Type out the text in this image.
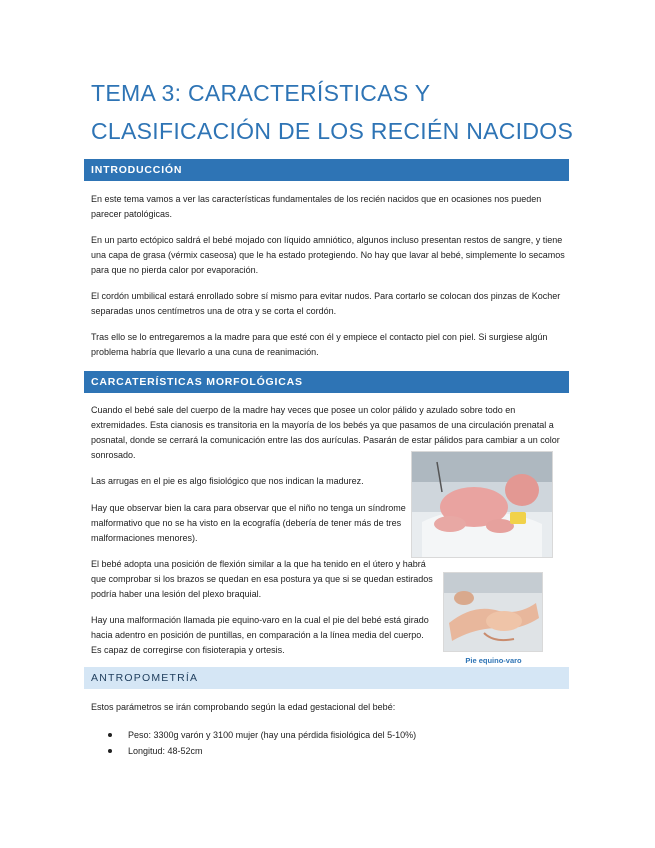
TEMA 3: CARACTERÍSTICAS Y
CLASIFICACIÓN DE LOS RECIÉN NACIDOS
INTRODUCCIÓN

En este tema vamos a ver las características fundamentales de los recién nacidos que en ocasiones nos pueden parecer patológicas.

En un parto ectópico saldrá el bebé mojado con líquido amniótico, algunos incluso presentan restos de sangre, y tiene una capa de grasa (vérmix caseosa) que le ha estado protegiendo. No hay que lavar al bebé, simplemente lo secamos para que no pierda calor por evaporación.

El cordón umbilical estará enrollado sobre sí mismo para evitar nudos. Para cortarlo se colocan dos pinzas de Kocher separadas unos centímetros una de otra y se corta el cordón.

Tras ello se lo entregaremos a la madre para que esté con él y empiece el contacto piel con piel. Si surgiese algún problema habría que llevarlo a una cuna de reanimación.

CARCATERÍSTICAS MORFOLÓGICAS

Cuando el bebé sale del cuerpo de la madre hay veces que posee un color pálido y azulado sobre todo en extremidades. Esta cianosis es transitoria en la mayoría de los bebés ya que pasamos de una circulación prenatal a posnatal, donde se cerrará la comunicación entre las dos aurículas. Pasarán de estar pálidos para cambiar a un color sonrosado.

Las arrugas en el pie es algo fisiológico que nos indican la madurez.

Hay que observar bien la cara para observar que el niño no tenga un síndrome malformativo que no se ha visto en la ecografía (debería de tener más de tres malformaciones menores).

El bebé adopta una posición de flexión similar a la que ha tenido en el útero y habrá que comprobar si los brazos se quedan en esa postura ya que si se quedan estirados podría haber una lesión del plexo braquial.

Hay una malformación llamada pie equino-varo en la cual el pie del bebé está girado hacia adentro en posición de puntillas, en comparación a la línea media del cuerpo. Es capaz de corregirse con fisioterapia y ortesis.

Pie equino-varo
ANTROPOMETRÍA

Estos parámetros se irán comprobando según la edad gestacional del bebé:

Peso: 3300g varón y 3100 mujer (hay una pérdida fisiológica del 5-10%)
Longitud: 48-52cm
